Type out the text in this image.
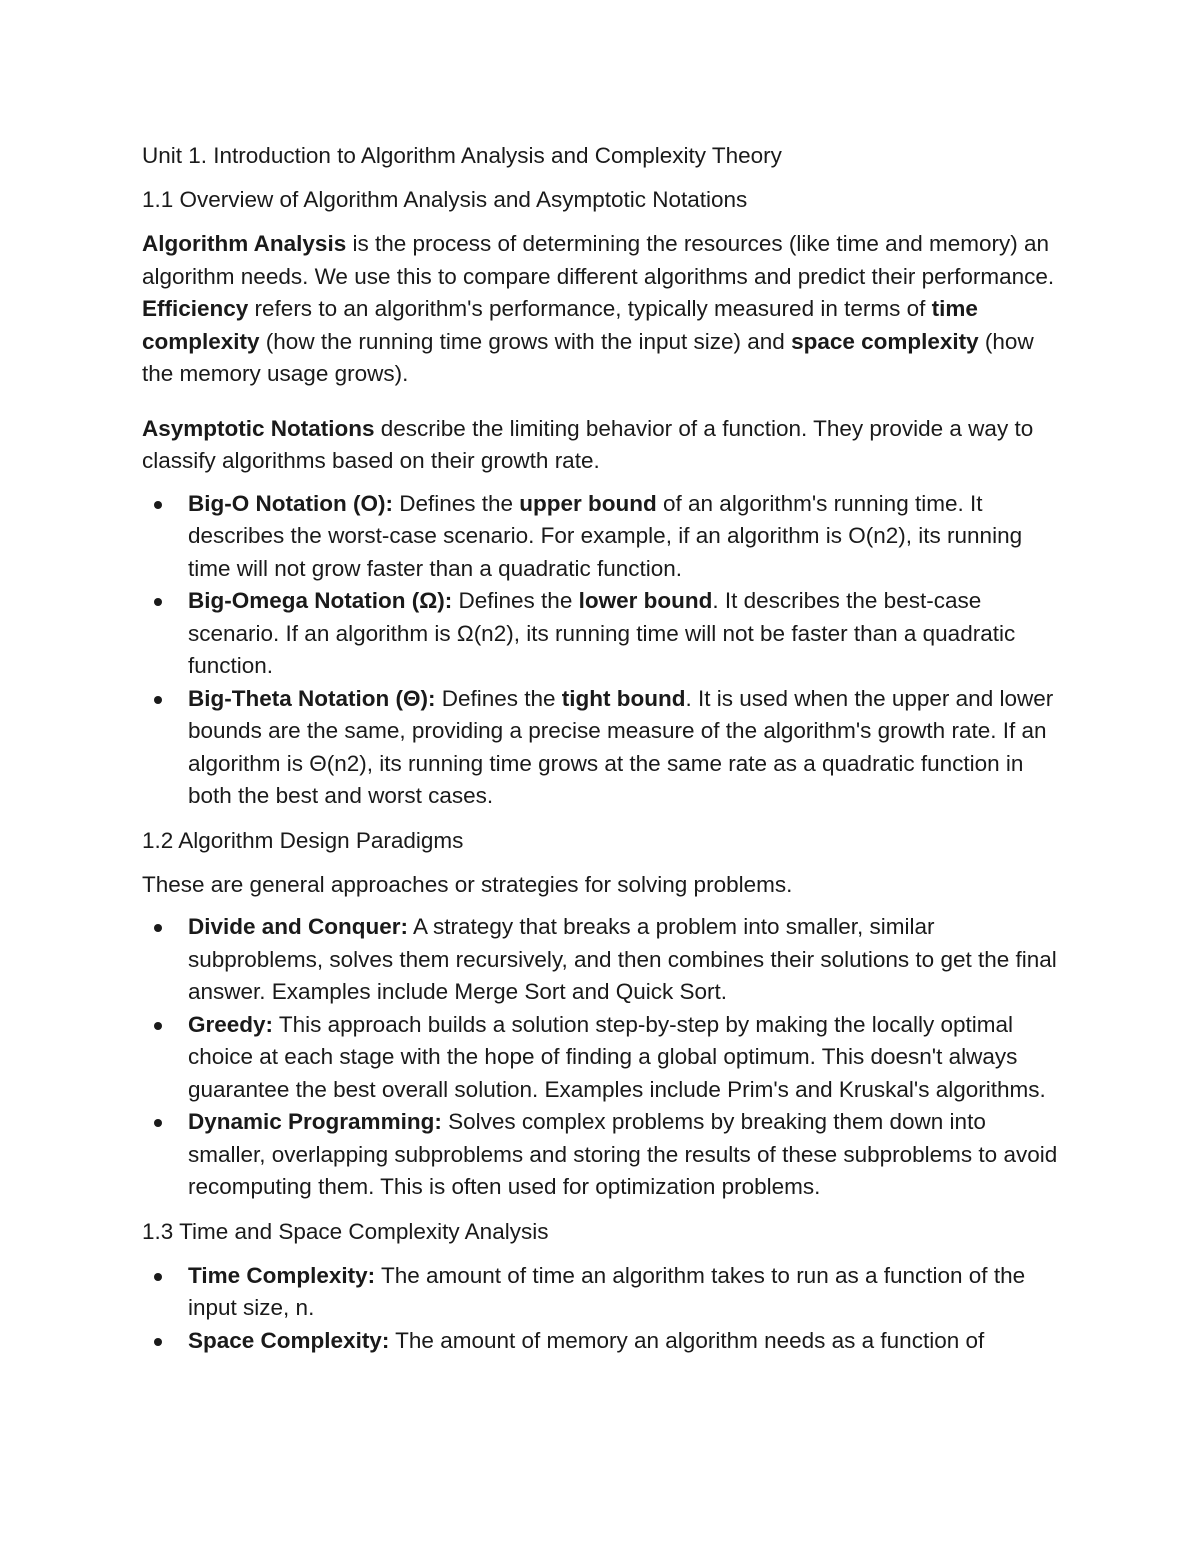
Unit 1. Introduction to Algorithm Analysis and Complexity Theory
1.1 Overview of Algorithm Analysis and Asymptotic Notations

Algorithm Analysis is the process of determining the resources (like time and memory) an algorithm needs. We use this to compare different algorithms and predict their performance. Efficiency refers to an algorithm's performance, typically measured in terms of time complexity (how the running time grows with the input size) and space complexity (how the memory usage grows).

Asymptotic Notations describe the limiting behavior of a function. They provide a way to classify algorithms based on their growth rate.

Big-O Notation (O): Defines the upper bound of an algorithm's running time. It describes the worst-case scenario. For example, if an algorithm is O(n2), its running time will not grow faster than a quadratic function.
Big-Omega Notation (Ω): Defines the lower bound. It describes the best-case scenario. If an algorithm is Ω(n2), its running time will not be faster than a quadratic function.
Big-Theta Notation (Θ): Defines the tight bound. It is used when the upper and lower bounds are the same, providing a precise measure of the algorithm's growth rate. If an algorithm is Θ(n2), its running time grows at the same rate as a quadratic function in both the best and worst cases.
1.2 Algorithm Design Paradigms

These are general approaches or strategies for solving problems.

Divide and Conquer: A strategy that breaks a problem into smaller, similar subproblems, solves them recursively, and then combines their solutions to get the final answer. Examples include Merge Sort and Quick Sort.
Greedy: This approach builds a solution step-by-step by making the locally optimal choice at each stage with the hope of finding a global optimum. This doesn't always guarantee the best overall solution. Examples include Prim's and Kruskal's algorithms.
Dynamic Programming: Solves complex problems by breaking them down into smaller, overlapping subproblems and storing the results of these subproblems to avoid recomputing them. This is often used for optimization problems.
1.3 Time and Space Complexity Analysis
Time Complexity: The amount of time an algorithm takes to run as a function of the input size, n.
Space Complexity: The amount of memory an algorithm needs as a function of
